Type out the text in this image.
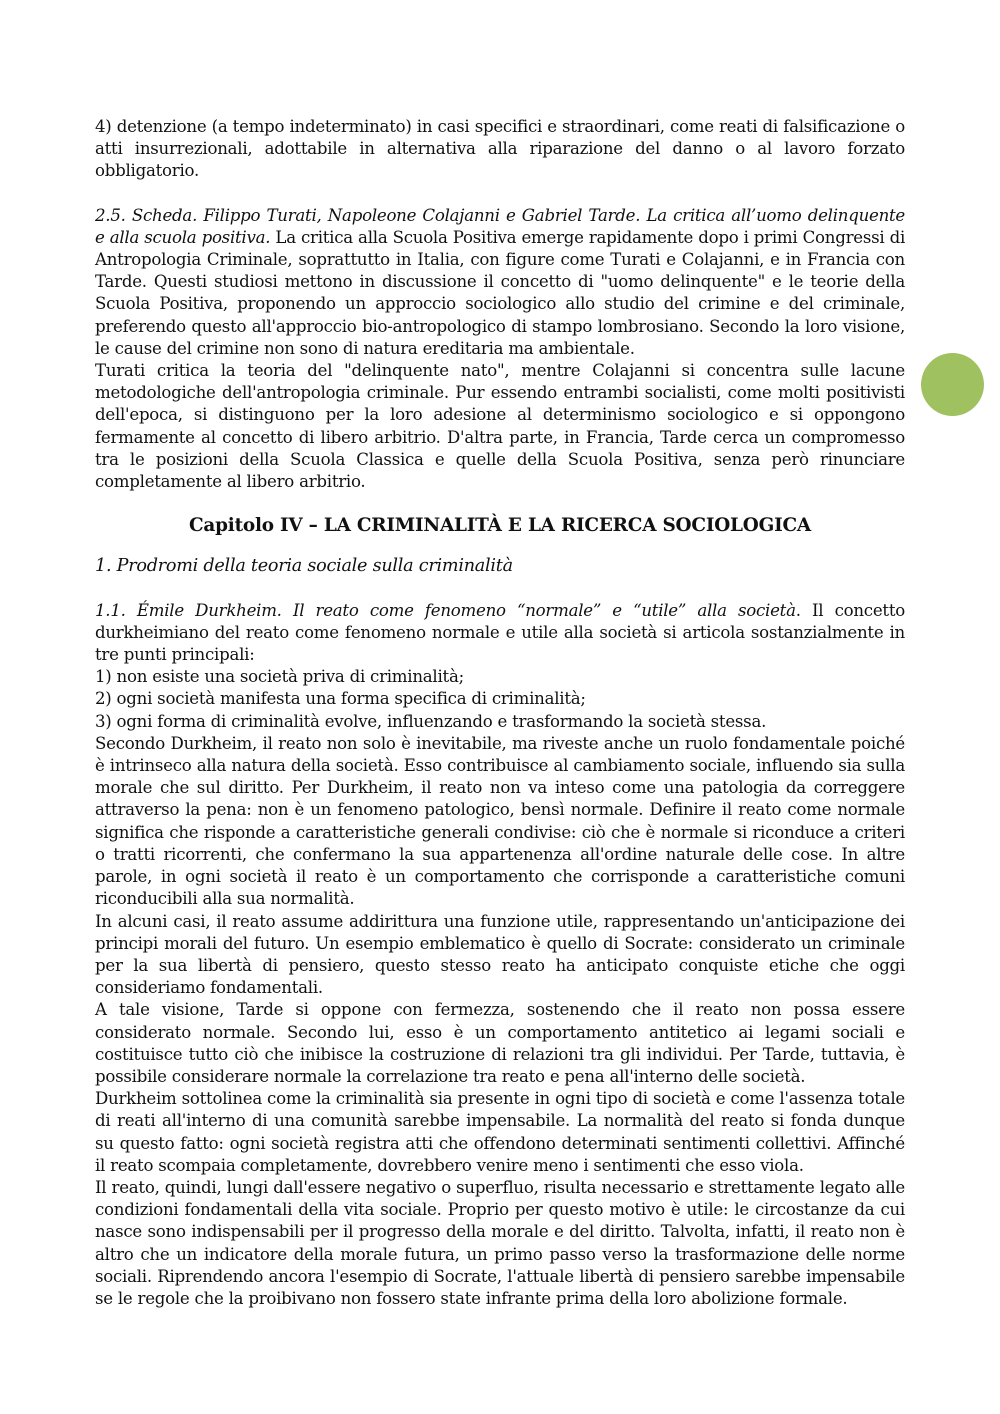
4) detenzione (a tempo indeterminato) in casi specifici e straordinari, come reati di falsificazione o atti insurrezionali, adottabile in alternativa alla riparazione del danno o al lavoro forzato obbligatorio.

2.5. Scheda. Filippo Turati, Napoleone Colajanni e Gabriel Tarde. La critica all’uomo delinquente e alla scuola positiva. La critica alla Scuola Positiva emerge rapidamente dopo i primi Congressi di Antropologia Criminale, soprattutto in Italia, con figure come Turati e Colajanni, e in Francia con Tarde. Questi studiosi mettono in discussione il concetto di "uomo delinquente" e le teorie della Scuola Positiva, proponendo un approccio sociologico allo studio del crimine e del criminale, preferendo questo all'approccio bio-antropologico di stampo lombrosiano. Secondo la loro visione, le cause del crimine non sono di natura ereditaria ma ambientale.

Turati critica la teoria del "delinquente nato", mentre Colajanni si concentra sulle lacune metodologiche dell'antropologia criminale. Pur essendo entrambi socialisti, come molti positivisti dell'epoca, si distinguono per la loro adesione al determinismo sociologico e si oppongono fermamente al concetto di libero arbitrio. D'altra parte, in Francia, Tarde cerca un compromesso tra le posizioni della Scuola Classica e quelle della Scuola Positiva, senza però rinunciare completamente al libero arbitrio.

Capitolo IV – LA CRIMINALITÀ E LA RICERCA SOCIOLOGICA
1. Prodromi della teoria sociale sulla criminalità

1.1. Émile Durkheim. Il reato come fenomeno “normale” e “utile” alla società. Il concetto durkheimiano del reato come fenomeno normale e utile alla società si articola sostanzialmente in tre punti principali:

1) non esiste una società priva di criminalità;

2) ogni società manifesta una forma specifica di criminalità;

3) ogni forma di criminalità evolve, influenzando e trasformando la società stessa.

Secondo Durkheim, il reato non solo è inevitabile, ma riveste anche un ruolo fondamentale poiché è intrinseco alla natura della società. Esso contribuisce al cambiamento sociale, influendo sia sulla morale che sul diritto. Per Durkheim, il reato non va inteso come una patologia da correggere attraverso la pena: non è un fenomeno patologico, bensì normale. Definire il reato come normale significa che risponde a caratteristiche generali condivise: ciò che è normale si riconduce a criteri o tratti ricorrenti, che confermano la sua appartenenza all'ordine naturale delle cose. In altre parole, in ogni società il reato è un comportamento che corrisponde a caratteristiche comuni riconducibili alla sua normalità.

In alcuni casi, il reato assume addirittura una funzione utile, rappresentando un'anticipazione dei principi morali del futuro. Un esempio emblematico è quello di Socrate: considerato un criminale per la sua libertà di pensiero, questo stesso reato ha anticipato conquiste etiche che oggi consideriamo fondamentali.

A tale visione, Tarde si oppone con fermezza, sostenendo che il reato non possa essere considerato normale. Secondo lui, esso è un comportamento antitetico ai legami sociali e costituisce tutto ciò che inibisce la costruzione di relazioni tra gli individui. Per Tarde, tuttavia, è possibile considerare normale la correlazione tra reato e pena all'interno delle società.

Durkheim sottolinea come la criminalità sia presente in ogni tipo di società e come l'assenza totale di reati all'interno di una comunità sarebbe impensabile. La normalità del reato si fonda dunque su questo fatto: ogni società registra atti che offendono determinati sentimenti collettivi. Affinché il reato scompaia completamente, dovrebbero venire meno i sentimenti che esso viola.

Il reato, quindi, lungi dall'essere negativo o superfluo, risulta necessario e strettamente legato alle condizioni fondamentali della vita sociale. Proprio per questo motivo è utile: le circostanze da cui nasce sono indispensabili per il progresso della morale e del diritto. Talvolta, infatti, il reato non è altro che un indicatore della morale futura, un primo passo verso la trasformazione delle norme sociali. Riprendendo ancora l'esempio di Socrate, l'attuale libertà di pensiero sarebbe impensabile se le regole che la proibivano non fossero state infrante prima della loro abolizione formale.
